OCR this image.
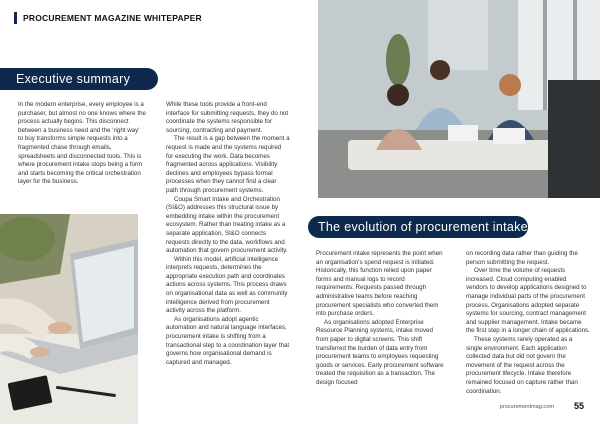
PROCUREMENT MAGAZINE WHITEPAPER
Executive summary

In the modern enterprise, every employee is a purchaser, but almost no one knows where the process actually begins. This disconnect between a business need and the 'right way' to buy transforms simple requests into a fragmented chase through emails, spreadsheets and disconnected tools. This is where procurement intake stops being a form and starts becoming the critical orchestration layer for the business.

While these tools provide a front-end interface for submitting requests, they do not coordinate the systems responsible for sourcing, contracting and payment.

The result is a gap between the moment a request is made and the systems required for executing the work. Data becomes fragmented across applications. Visibility declines and employees bypass formal processes when they cannot find a clear path through procurement systems.

Coupa Smart Intake and Orchestration (SI&O) addresses this structural issue by embedding intake within the procurement ecosystem. Rather than treating intake as a separate application, SI&O connects requests directly to the data, workflows and automation that govern procurement activity.

Within this model, artificial intelligence interprets requests, determines the appropriate execution path and coordinates actions across systems. This process draws on organisational data as well as community intelligence derived from procurement activity across the platform.

As organisations adopt agentic automation and natural language interfaces, procurement intake is shifting from a transactional step to a coordination layer that governs how organisational demand is captured and managed.

The evolution of procurement intake

Procurement intake represents the point when an organisation's spend request is initiated. Historically, this function relied upon paper forms and manual logs to record requirements. Requests passed through administrative teams before reaching procurement specialists who converted them into purchase orders.

As organisations adopted Enterprise Resource Planning systems, intake moved from paper to digital screens. This shift transferred the burden of data entry from procurement teams to employees requesting goods or services. Early procurement software treated the requisition as a transaction. The design focused

on recording data rather than guiding the person submitting the request.

Over time the volume of requests increased. Cloud computing enabled vendors to develop applications designed to manage individual parts of the procurement process. Organisations adopted separate systems for sourcing, contract management and supplier management. Intake became the first step in a longer chain of applications.

These systems rarely operated as a single environment. Each application collected data but did not govern the movement of the request across the procurement lifecycle. Intake therefore remained focused on capture rather than coordination.

procurementmag.com 55
